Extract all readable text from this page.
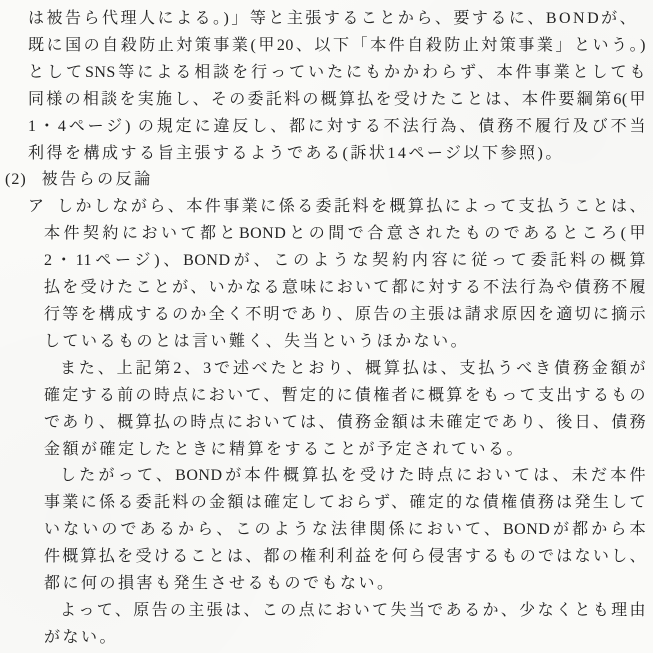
は被告ら代理人による。)」等と主張することから、要するに、BONDが、
既に国の自殺防止対策事業(甲20、以下「本件自殺防止対策事業」という。)
としてSNS等による相談を行っていたにもかかわらず、本件事業としても
同様の相談を実施し、その委託料の概算払を受けたことは、本件要綱第6(甲
1・4ページ) の規定に違反し、都に対する不法行為、債務不履行及び不当
利得を構成する旨主張するようである(訴状14ページ以下参照)。
(2) 被告らの反論
ア しかしながら、本件事業に係る委託料を概算払によって支払うことは、
本件契約において都とBONDとの間で合意されたものであるところ(甲
2・11ページ)、BONDが、このような契約内容に従って委託料の概算
払を受けたことが、いかなる意味において都に対する不法行為や債務不履
行等を構成するのか全く不明であり、原告の主張は請求原因を適切に摘示
しているものとは言い難く、失当というほかない。
また、上記第2、3で述べたとおり、概算払は、支払うべき債務金額が
確定する前の時点において、暫定的に債権者に概算をもって支出するもの
であり、概算払の時点においては、債務金額は未確定であり、後日、債務
金額が確定したときに精算をすることが予定されている。
したがって、BONDが本件概算払を受けた時点においては、未だ本件
事業に係る委託料の金額は確定しておらず、確定的な債権債務は発生して
いないのであるから、このような法律関係において、BONDが都から本
件概算払を受けることは、都の権利利益を何ら侵害するものではないし、
都に何の損害も発生させるものでもない。
よって、原告の主張は、この点において失当であるか、少なくとも理由
がない。
